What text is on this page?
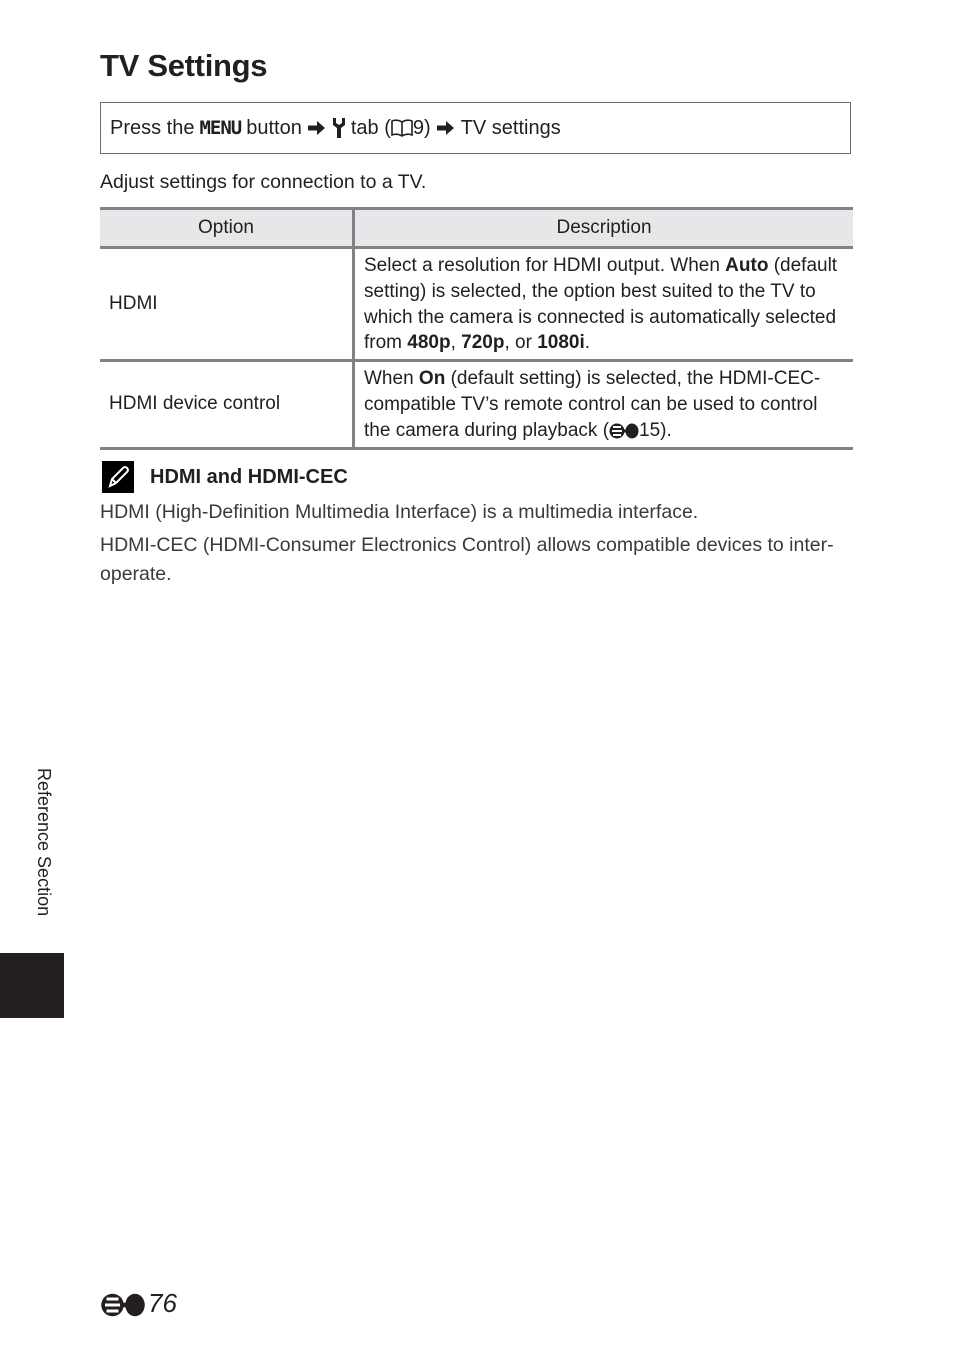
TV Settings
Press the MENU button tab ( 9) TV settings

Adjust settings for connection to a TV.

Option	Description
HDMI	Select a resolution for HDMI output. When Auto (default setting) is selected, the option best suited to the TV to which the camera is connected is automatically selected from 480p, 720p, or 1080i.
HDMI device control	When On (default setting) is selected, the HDMI-CEC-compatible TV’s remote control can be used to control the camera during playback ( 15).
HDMI and HDMI-CEC

HDMI (High-Definition Multimedia Interface) is a multimedia interface.

HDMI-CEC (HDMI-Consumer Electronics Control) allows compatible devices to inter-operate.

Reference Section
76
